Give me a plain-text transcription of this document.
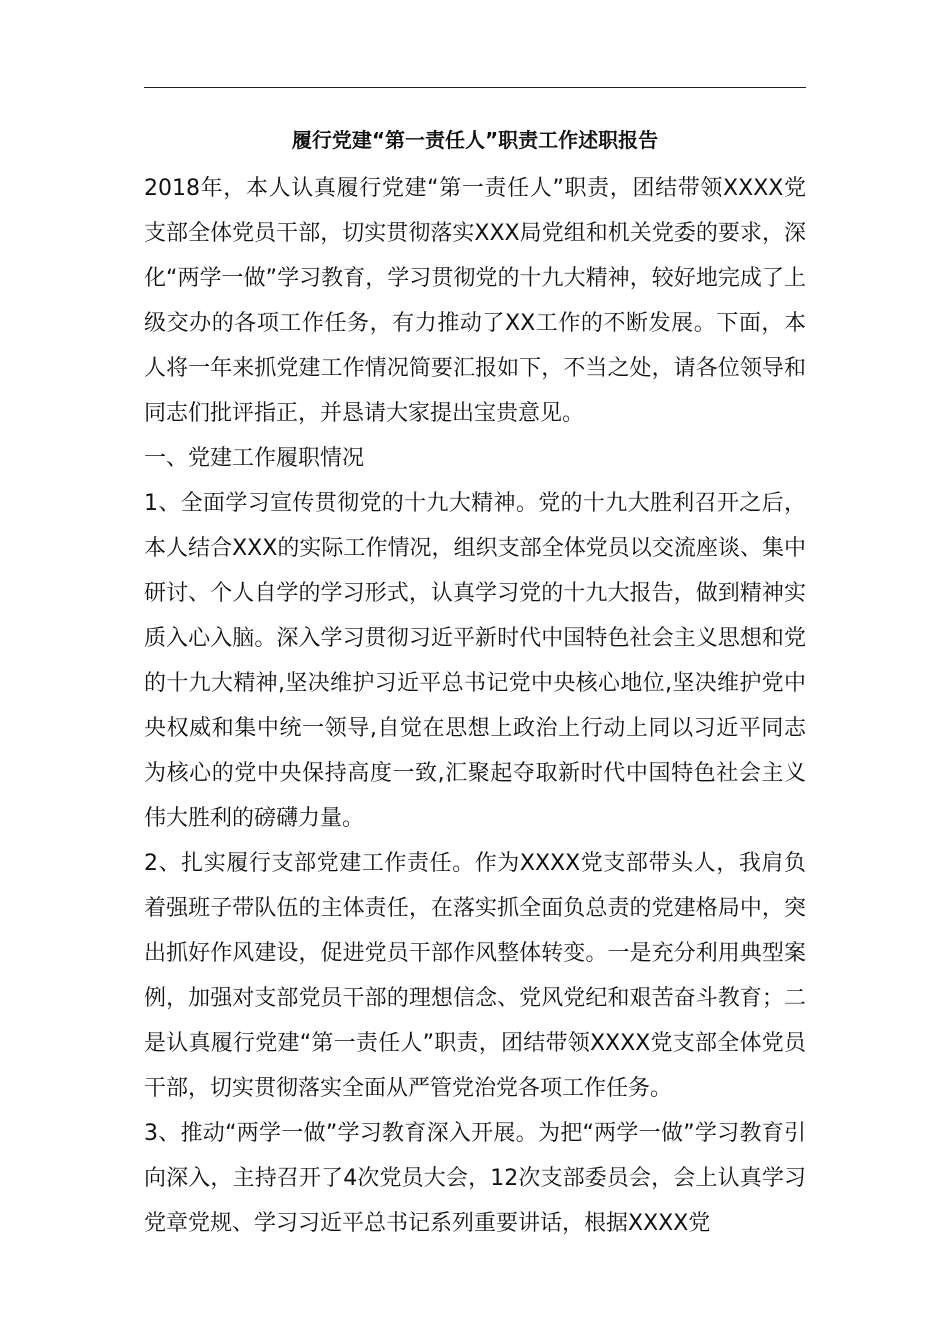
履行党建“第一责任人”职责工作述职报告

2018年，本人认真履行党建“第一责任人”职责，团结带领XXXX党支部全体党员干部，切实贯彻落实XXX局党组和机关党委的要求，深化“两学一做”学习教育，学习贯彻党的十九大精神，较好地完成了上级交办的各项工作任务，有力推动了XX工作的不断发展。下面，本人将一年来抓党建工作情况简要汇报如下，不当之处，请各位领导和同志们批评指正，并恳请大家提出宝贵意见。

一、党建工作履职情况

1、全面学习宣传贯彻党的十九大精神。党的十九大胜利召开之后，本人结合XXX的实际工作情况，组织支部全体党员以交流座谈、集中研讨、个人自学的学习形式，认真学习党的十九大报告，做到精神实质入心入脑。深入学习贯彻习近平新时代中国特色社会主义思想和党的十九大精神,坚决维护习近平总书记党中央核心地位,坚决维护党中央权威和集中统一领导,自觉在思想上政治上行动上同以习近平同志为核心的党中央保持高度一致,汇聚起夺取新时代中国特色社会主义伟大胜利的磅礴力量。

2、扎实履行支部党建工作责任。作为XXXX党支部带头人，我肩负着强班子带队伍的主体责任，在落实抓全面负总责的党建格局中，突出抓好作风建设，促进党员干部作风整体转变。一是充分利用典型案例，加强对支部党员干部的理想信念、党风党纪和艰苦奋斗教育；二是认真履行党建“第一责任人”职责，团结带领XXXX党支部全体党员干部，切实贯彻落实全面从严管党治党各项工作任务。

3、推动“两学一做”学习教育深入开展。为把“两学一做”学习教育引向深入，主持召开了4次党员大会，12次支部委员会，会上认真学习党章党规、学习习近平总书记系列重要讲话，根据XXXX党
